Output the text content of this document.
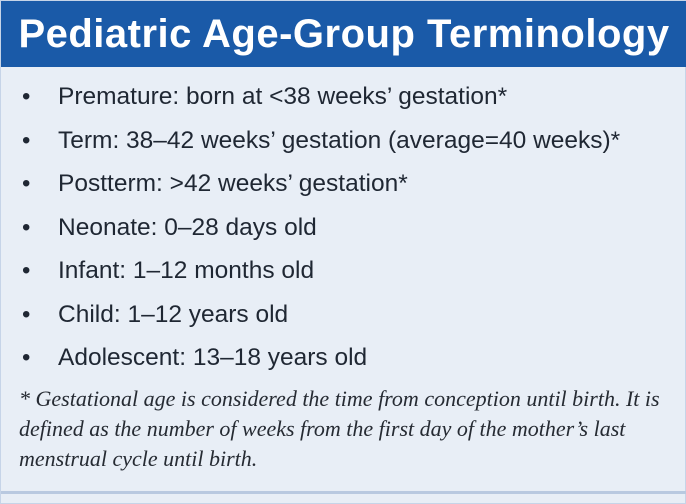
Pediatric Age-Group Terminology
• Premature: born at <38 weeks’ gestation*
• Term: 38–42 weeks’ gestation (average=40 weeks)*
• Postterm: >42 weeks’ gestation*
• Neonate: 0–28 days old
• Infant: 1–12 months old
• Child: 1–12 years old
• Adolescent: 13–18 years old
* Gestational age is considered the time from conception until birth. It is defined as the number of weeks from the first day of the mother’s last menstrual cycle until birth.
